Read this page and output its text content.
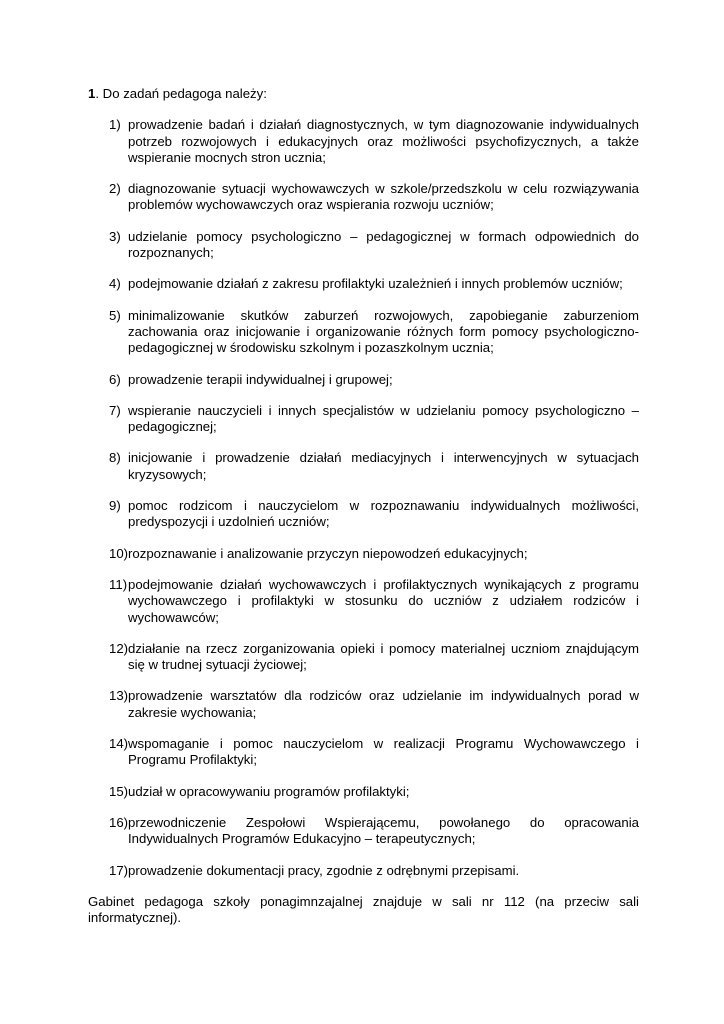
1. Do zadań pedagoga należy:

1) prowadzenie badań i działań diagnostycznych, w tym diagnozowanie indywidualnych potrzeb rozwojowych i edukacyjnych oraz możliwości psychofizycznych, a także wspieranie mocnych stron ucznia;
2) diagnozowanie sytuacji wychowawczych w szkole/przedszkolu w celu rozwiązywania problemów wychowawczych oraz wspierania rozwoju uczniów;
3) udzielanie pomocy psychologiczno – pedagogicznej w formach odpowiednich do rozpoznanych;
4) podejmowanie działań z zakresu profilaktyki uzależnień i innych problemów uczniów;
5) minimalizowanie skutków zaburzeń rozwojowych, zapobieganie zaburzeniom zachowania oraz inicjowanie i organizowanie różnych form pomocy psychologiczno-pedagogicznej w środowisku szkolnym i pozaszkolnym ucznia;
6) prowadzenie terapii indywidualnej i grupowej;
7) wspieranie nauczycieli i innych specjalistów w udzielaniu pomocy psychologiczno – pedagogicznej;
8) inicjowanie i prowadzenie działań mediacyjnych i interwencyjnych w sytuacjach kryzysowych;
9) pomoc rodzicom i nauczycielom w rozpoznawaniu indywidualnych możliwości, predyspozycji i uzdolnień uczniów;
10) rozpoznawanie i analizowanie przyczyn niepowodzeń edukacyjnych;
11) podejmowanie działań wychowawczych i profilaktycznych wynikających z programu wychowawczego i profilaktyki w stosunku do uczniów z udziałem rodziców i wychowawców;
12) działanie na rzecz zorganizowania opieki i pomocy materialnej uczniom znajdującym się w trudnej sytuacji życiowej;
13) prowadzenie warsztatów dla rodziców oraz udzielanie im indywidualnych porad w zakresie wychowania;
14) wspomaganie i pomoc nauczycielom w realizacji Programu Wychowawczego i Programu Profilaktyki;
15) udział w opracowywaniu programów profilaktyki;
16) przewodniczenie Zespołowi Wspierającemu, powołanego do opracowania Indywidualnych Programów Edukacyjno – terapeutycznych;
17) prowadzenie dokumentacji pracy, zgodnie z odrębnymi przepisami.

Gabinet pedagoga szkoły ponagimnzajalnej znajduje w sali nr 112 (na przeciw sali informatycznej).
